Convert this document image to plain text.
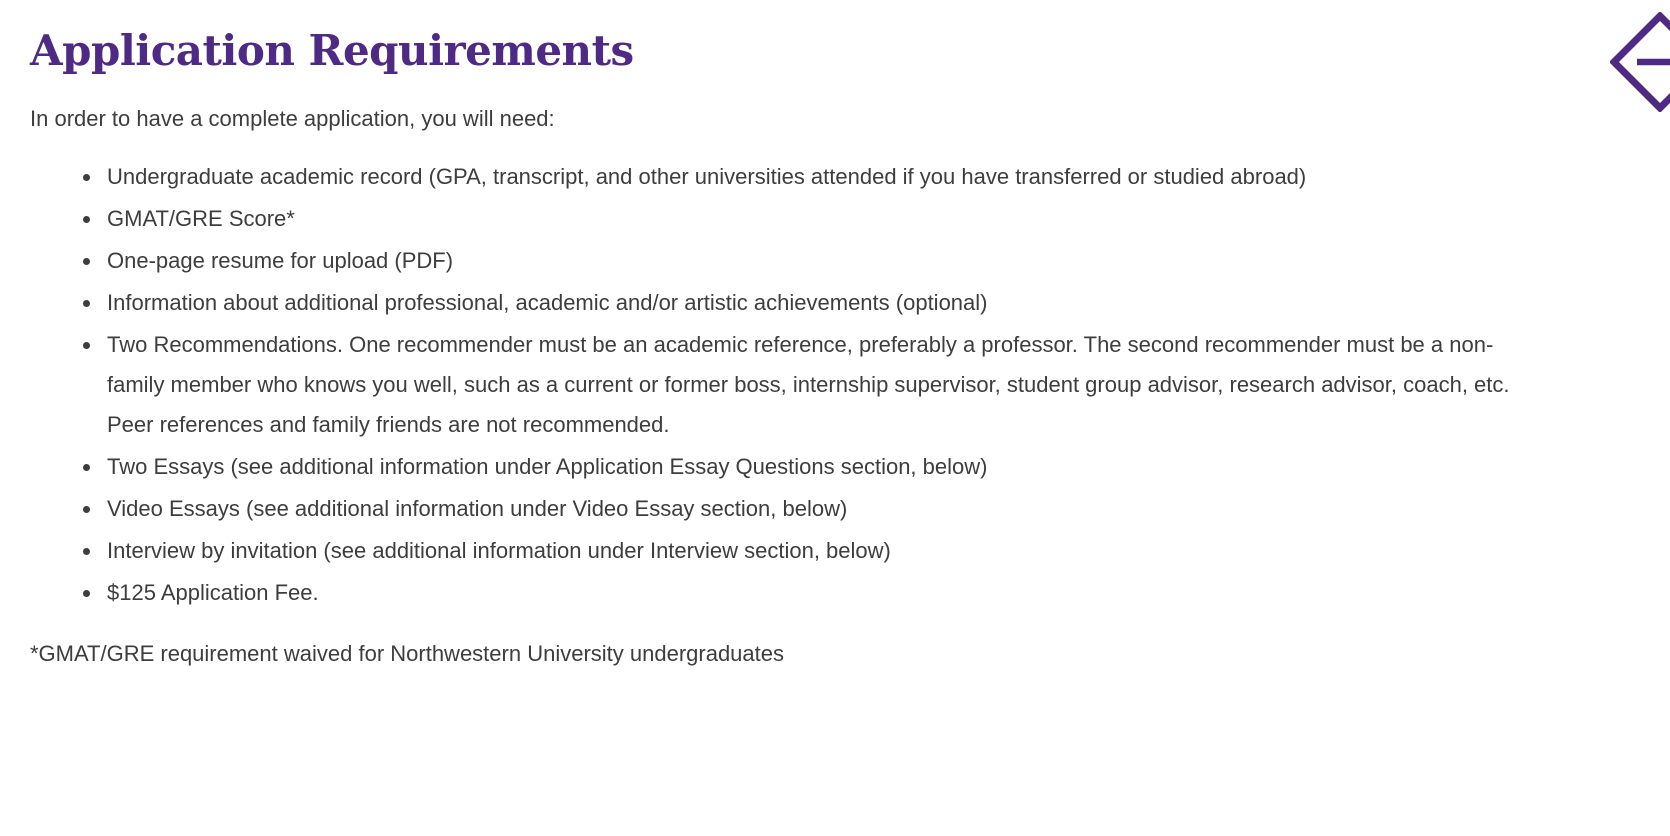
Application Requirements

In order to have a complete application, you will need:

• Undergraduate academic record (GPA, transcript, and other universities attended if you have transferred or studied abroad)
• GMAT/GRE Score*
• One-page resume for upload (PDF)
• Information about additional professional, academic and/or artistic achievements (optional)
• Two Recommendations. One recommender must be an academic reference, preferably a professor. The second recommender must be a non-family member who knows you well, such as a current or former boss, internship supervisor, student group advisor, research advisor, coach, etc. Peer references and family friends are not recommended.
• Two Essays (see additional information under Application Essay Questions section, below)
• Video Essays (see additional information under Video Essay section, below)
• Interview by invitation (see additional information under Interview section, below)
• $125 Application Fee.

*GMAT/GRE requirement waived for Northwestern University undergraduates
